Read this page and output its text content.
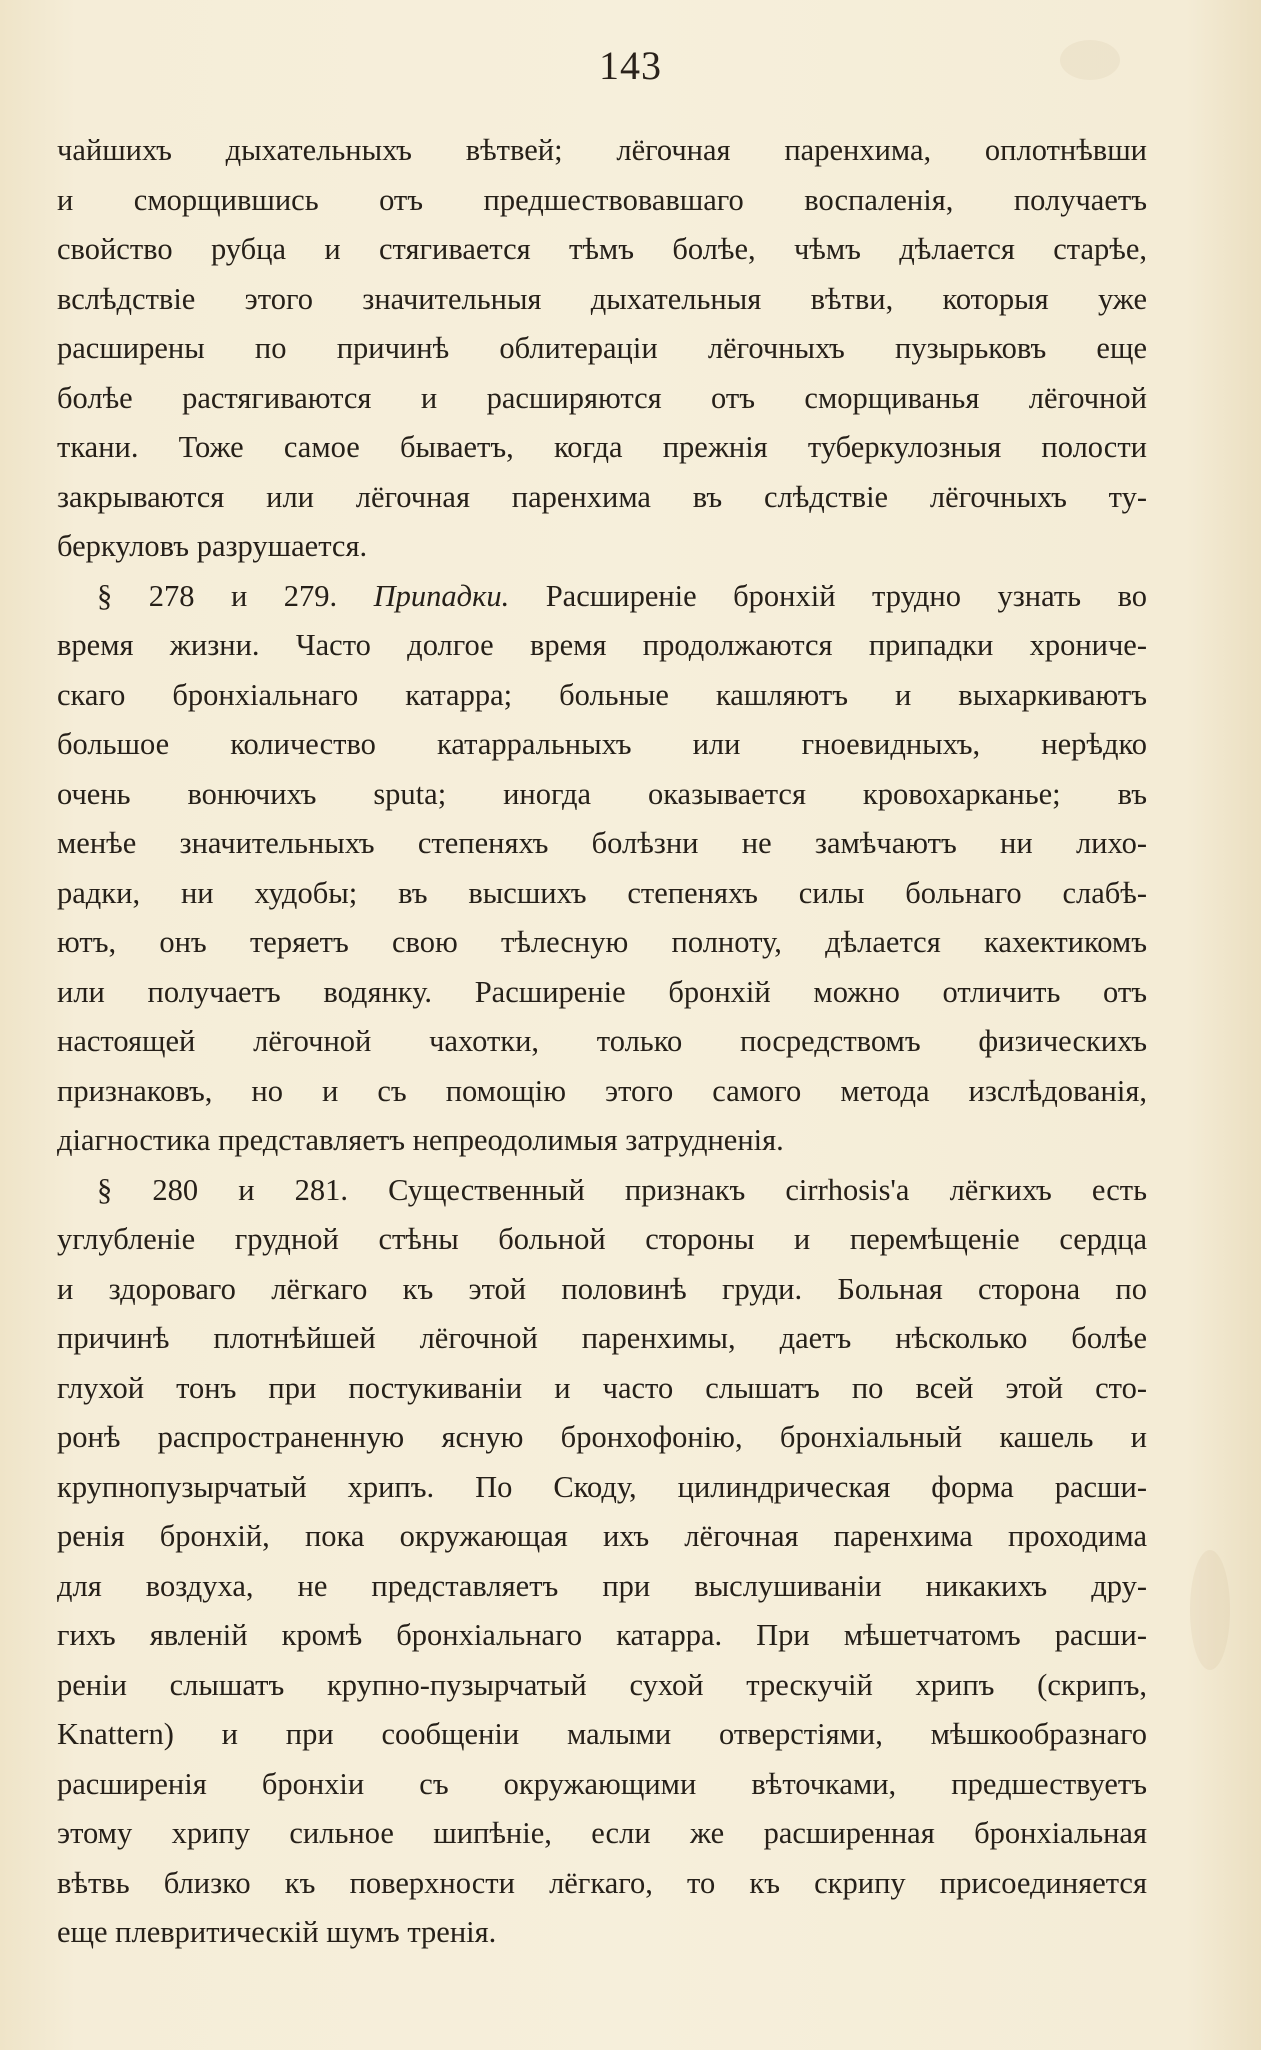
143
чайшихъ дыхательныхъ вѣтвей; лёгочная паренхима, оплотнѣвши
и сморщившись отъ предшествовавшаго воспаленія, получаетъ
свойство рубца и стягивается тѣмъ болѣе, чѣмъ дѣлается старѣе,
вслѣдствіе этого значительныя дыхательныя вѣтви, которыя уже
расширены по причинѣ облитераціи лёгочныхъ пузырьковъ еще
болѣе растягиваются и расширяются отъ сморщиванья лёгочной
ткани. Тоже самое бываетъ, когда прежнія туберкулозныя полости
закрываются или лёгочная паренхима въ слѣдствіе лёгочныхъ ту-
беркуловъ разрушается.
§ 278 и 279. Припадки. Расширеніе бронхій трудно узнать во
время жизни. Часто долгое время продолжаются припадки хрониче-
скаго бронхіальнаго катарра; больные кашляютъ и выхаркиваютъ
большое количество катарральныхъ или гноевидныхъ, нерѣдко
очень вонючихъ sputa; иногда оказывается кровохарканье; въ
менѣе значительныхъ степеняхъ болѣзни не замѣчаютъ ни лихо-
радки, ни худобы; въ высшихъ степеняхъ силы больнаго слабѣ-
ютъ, онъ теряетъ свою тѣлесную полноту, дѣлается кахектикомъ
или получаетъ водянку. Расширеніе бронхій можно отличить отъ
настоящей лёгочной чахотки, только посредствомъ физическихъ
признаковъ, но и съ помощію этого самого метода изслѣдованія,
діагностика представляетъ непреодолимыя затрудненія.
§ 280 и 281. Существенный признакъ cirrhosis'a лёгкихъ есть
углубленіе грудной стѣны больной стороны и перемѣщеніе сердца
и здороваго лёгкаго къ этой половинѣ груди. Больная сторона по
причинѣ плотнѣйшей лёгочной паренхимы, даетъ нѣсколько болѣе
глухой тонъ при постукиваніи и часто слышатъ по всей этой сто-
ронѣ распространенную ясную бронхофонію, бронхіальный кашель и
крупнопузырчатый хрипъ. По Скоду, цилиндрическая форма расши-
ренія бронхій, пока окружающая ихъ лёгочная паренхима проходима
для воздуха, не представляетъ при выслушиваніи никакихъ дру-
гихъ явленій кромѣ бронхіальнаго катарра. При мѣшетчатомъ расши-
реніи слышатъ крупно-пузырчатый сухой трескучій хрипъ (скрипъ,
Knattern) и при сообщеніи малыми отверстіями, мѣшкообразнаго
расширенія бронхіи съ окружающими вѣточками, предшествуетъ
этому хрипу сильное шипѣніе, если же расширенная бронхіальная
вѣтвь близко къ поверхности лёгкаго, то къ скрипу присоединяется
еще плевритическій шумъ тренія.
